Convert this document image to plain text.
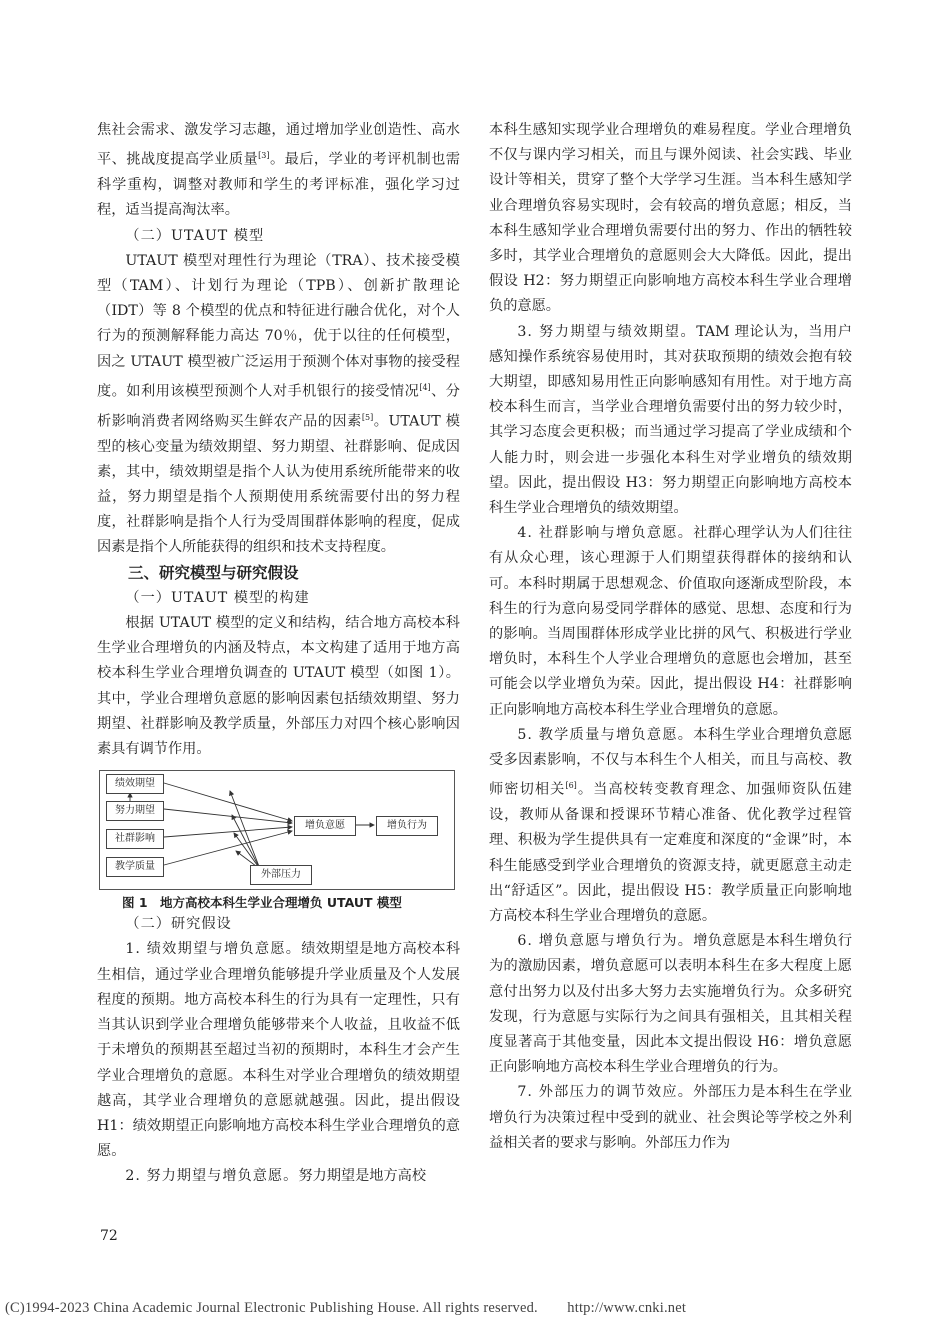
焦社会需求、激发学习志趣，通过增加学业创造性、高水平、挑战度提高学业质量[3]。最后，学业的考评机制也需科学重构，调整对教师和学生的考评标准，强化学习过程，适当提高淘汰率。

（二）UTAUT 模型

UTAUT 模型对理性行为理论（TRA）、技术接受模型（TAM）、计划行为理论（TPB）、创新扩散理论（IDT）等 8 个模型的优点和特征进行融合优化，对个人行为的预测解释能力高达 70％，优于以往的任何模型，因之 UTAUT 模型被广泛运用于预测个体对事物的接受程度。如利用该模型预测个人对手机银行的接受情况[4]、分析影响消费者网络购买生鲜农产品的因素[5]。UTAUT 模型的核心变量为绩效期望、努力期望、社群影响、促成因素，其中，绩效期望是指个人认为使用系统所能带来的收益，努力期望是指个人预期使用系统需要付出的努力程度，社群影响是指个人行为受周围群体影响的程度，促成因素是指个人所能获得的组织和技术支持程度。

三、研究模型与研究假设

（一）UTAUT 模型的构建

根据 UTAUT 模型的定义和结构，结合地方高校本科生学业合理增负的内涵及特点，本文构建了适用于地方高校本科生学业合理增负调查的 UTAUT 模型（如图 1）。其中，学业合理增负意愿的影响因素包括绩效期望、努力期望、社群影响及教学质量，外部压力对四个核心影响因素具有调节作用。

绩效期望
努力期望
社群影响
教学质量
增负意愿	增负行为
外部压力

图 1　地方高校本科生学业合理增负 UTAUT 模型

（二）研究假设

1. 绩效期望与增负意愿。绩效期望是地方高校本科生相信，通过学业合理增负能够提升学业质量及个人发展程度的预期。地方高校本科生的行为具有一定理性，只有当其认识到学业合理增负能够带来个人收益，且收益不低于未增负的预期甚至超过当初的预期时，本科生才会产生学业合理增负的意愿。本科生对学业合理增负的绩效期望越高，其学业合理增负的意愿就越强。因此，提出假设 H1：绩效期望正向影响地方高校本科生学业合理增负的意愿。

2. 努力期望与增负意愿。努力期望是地方高校

本科生感知实现学业合理增负的难易程度。学业合理增负不仅与课内学习相关，而且与课外阅读、社会实践、毕业设计等相关，贯穿了整个大学学习生涯。当本科生感知学业合理增负容易实现时，会有较高的增负意愿；相反，当本科生感知学业合理增负需要付出的努力、作出的牺牲较多时，其学业合理增负的意愿则会大大降低。因此，提出假设 H2：努力期望正向影响地方高校本科生学业合理增负的意愿。

3. 努力期望与绩效期望。TAM 理论认为，当用户感知操作系统容易使用时，其对获取预期的绩效会抱有较大期望，即感知易用性正向影响感知有用性。对于地方高校本科生而言，当学业合理增负需要付出的努力较少时，其学习态度会更积极；而当通过学习提高了学业成绩和个人能力时，则会进一步强化本科生对学业增负的绩效期望。因此，提出假设 H3：努力期望正向影响地方高校本科生学业合理增负的绩效期望。

4. 社群影响与增负意愿。社群心理学认为人们往往有从众心理，该心理源于人们期望获得群体的接纳和认可。本科时期属于思想观念、价值取向逐渐成型阶段，本科生的行为意向易受同学群体的感觉、思想、态度和行为的影响。当周围群体形成学业比拼的风气、积极进行学业增负时，本科生个人学业合理增负的意愿也会增加，甚至可能会以学业增负为荣。因此，提出假设 H4：社群影响正向影响地方高校本科生学业合理增负的意愿。

5. 教学质量与增负意愿。本科生学业合理增负意愿受多因素影响，不仅与本科生个人相关，而且与高校、教师密切相关[6]。当高校转变教育理念、加强师资队伍建设，教师从备课和授课环节精心准备、优化教学过程管理、积极为学生提供具有一定难度和深度的“金课”时，本科生能感受到学业合理增负的资源支持，就更愿意主动走出“舒适区”。因此，提出假设 H5：教学质量正向影响地方高校本科生学业合理增负的意愿。

6. 增负意愿与增负行为。增负意愿是本科生增负行为的激励因素，增负意愿可以表明本科生在多大程度上愿意付出努力以及付出多大努力去实施增负行为。众多研究发现，行为意愿与实际行为之间具有强相关，且其相关程度显著高于其他变量，因此本文提出假设 H6：增负意愿正向影响地方高校本科生学业合理增负的行为。

7. 外部压力的调节效应。外部压力是本科生在学业增负行为决策过程中受到的就业、社会舆论等学校之外利益相关者的要求与影响。外部压力作为

72
(C)1994-2023 China Academic Journal Electronic Publishing House. All rights reserved.　　http://www.cnki.net
